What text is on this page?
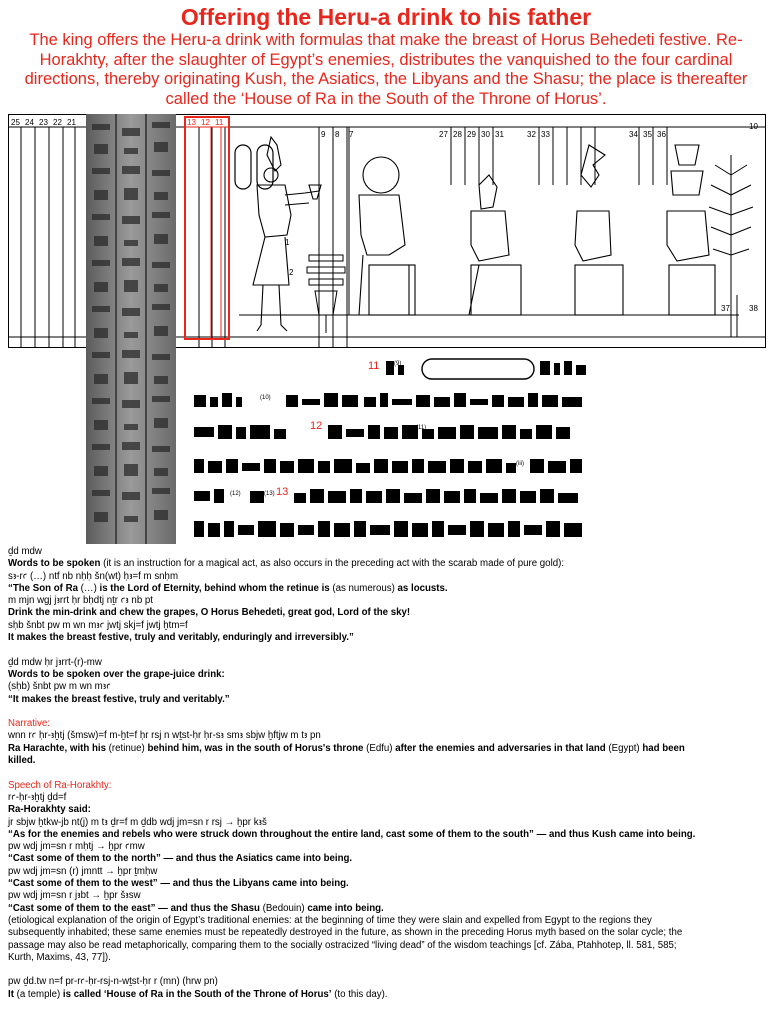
Offering the Heru-a drink to his father
The king offers the Heru-a drink with formulas that make the breast of Horus Behedeti festive. Re-Horakhty, after the slaughter of Egypt’s enemies, distributes the vanquished to the four cardinal directions, thereby originating Kush, the Asiatics, the Libyans and the Shasu; the place is thereafter called the ‘House of Ra in the South of the Throne of Horus’.
25 24 23 22 21	13 12 11
9 8 7	27 28 29 30 31	32 33	34 35 36
10
1
2
37 38
11
12
13
(9)
(10)
(11)
(12)	(13)
(iii)
(i)

ḏd mdw

Words to be spoken (it is an instruction for a magical act, as also occurs in the preceding act with the scarab made of pure gold):

sꜣ-rꜥ (…) ntf nb nḥḥ šn(wt) ḥꜣ=f m snḥm

“The Son of Ra (…) is the Lord of Eternity, behind whom the retinue is (as numerous) as locusts.

m mjn wgj jꜣrrt ḥr bḥdtj nṯr ꜥꜣ nb pt

Drink the min-drink and chew the grapes, O Horus Behedeti, great god, Lord of the sky!

sḥb šnbt pw m wn mꜣꜥ jwtj skj=f jwtj ḫtm=f

It makes the breast festive, truly and veritably, enduringly and irreversibly.”

ḏd mdw ḥr jꜣrrt-(r)-mw

Words to be spoken over the grape-juice drink:

(sḥb) šnbt pw m wn mꜣꜥ

“It makes the breast festive, truly and veritably.”

Narrative:

wnn rꜥ ḥr-ꜣḫtj (šmsw)=f m-ḫt=f ḥr rsj n wṯst-ḥr ḥr-sꜣ smꜣ sbjw ḫftjw m tꜣ pn

Ra Harachte, with his (retinue) behind him, was in the south of Horus's throne (Edfu) after the enemies and adversaries in that land (Egypt) had been

killed.

Speech of Ra-Horakhty:

rꜥ-ḥr-ꜣḫtj ḏd=f

Ra-Horakhty said:

jr sbjw ḫtkw-jb nt(j) m tꜣ ḏr=f m ḏdb wdj jm=sn r rsj → ḫpr kꜣš

“As for the enemies and rebels who were struck down throughout the entire land, cast some of them to the south” — and thus Kush came into being.

pw wdj jm=sn r mḥtj → ḫpr ꜥmw

“Cast some of them to the north” — and thus the Asiatics came into being.

pw wdj jm=sn (r) jmntt → ḫpr ṯmḥw

“Cast some of them to the west” — and thus the Libyans came into being.

pw wdj jm=sn r jꜣbt → ḫpr šꜣsw

“Cast some of them to the east” — and thus the Shasu (Bedouin) came into being.

(etiological explanation of the origin of Egypt’s traditional enemies: at the beginning of time they were slain and expelled from Egypt to the regions they

subsequently inhabited; these same enemies must be repeatedly destroyed in the future, as shown in the preceding Horus myth based on the solar cycle; the

passage may also be read metaphorically, comparing them to the socially ostracized “living dead” of the wisdom teachings [cf. Zába, Ptahhotep, ll. 581, 585;

Kurth, Maxims, 43, 77]).

pw ḏd.tw n=f pr-rꜥ-ḥr-rsj-n-wṯst-ḥr r (mn) (hrw pn)

It (a temple) is called ‘House of Ra in the South of the Throne of Horus’ (to this day).
